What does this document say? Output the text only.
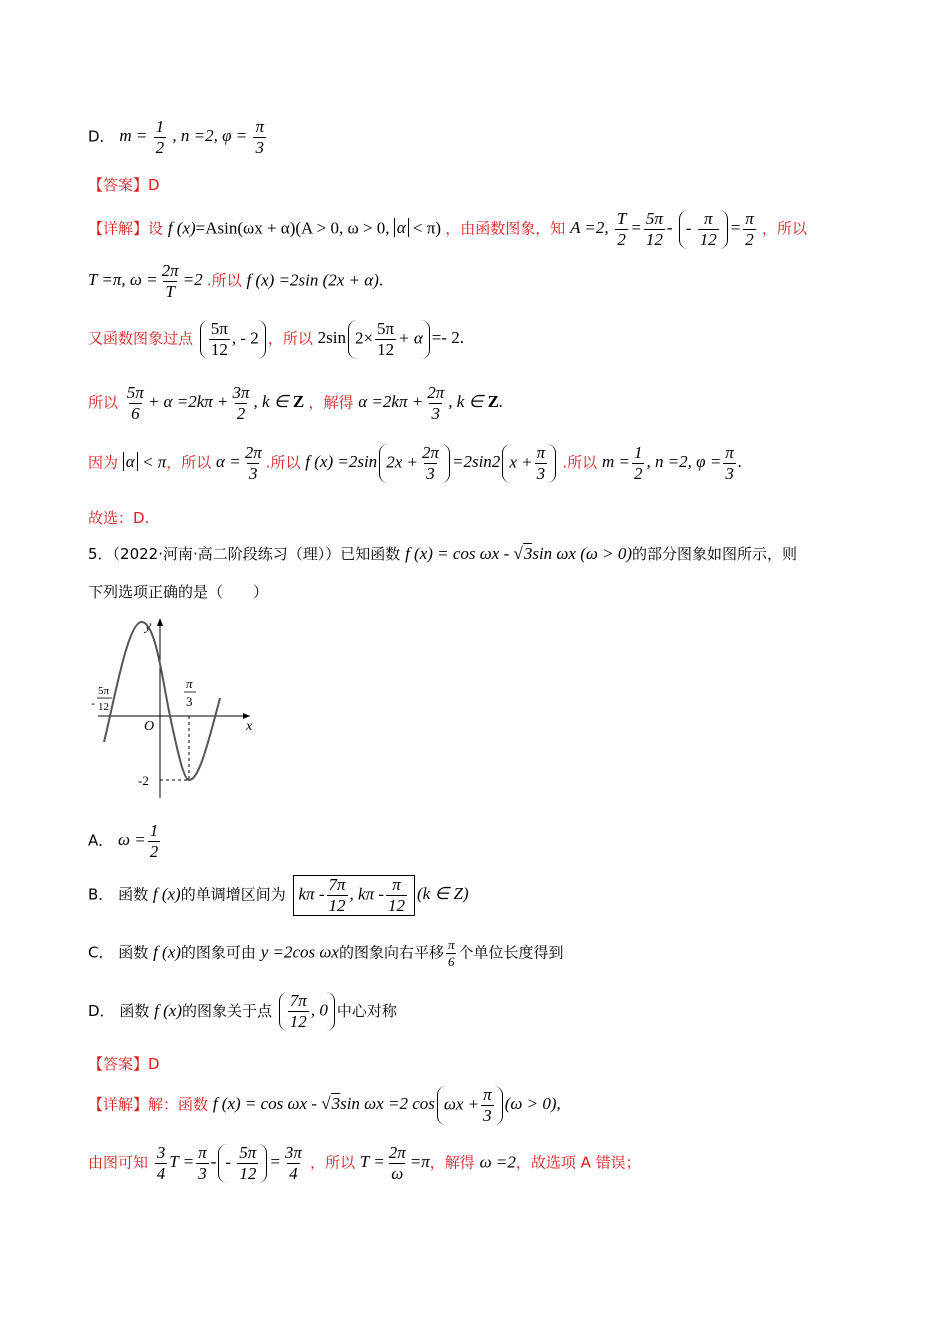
D． $m = \frac{1}{2}$ , n =2, $\varphi = \frac{\pi}{3}$
【答案】D
【详解】设 f (x)=Asin(ωx + α)(A > 0, ω > 0, α < π) ，由函数图象，知 A =2, $\frac{T}{2} = \frac{5\pi}{12}$ - - $\frac{\pi}{12} = \frac{\pi}{2}$ ，所以
T =π, $\omega = \frac{2\pi}{T} =2$ .所以 f (x) =2sin (2x + α).
又函数图象过点 $\frac{5\pi}{12}$ , - 2 ，所以 2sin $2\times \frac{5\pi}{12} + \alpha =- 2$.
所以 $\frac{5\pi}{6} + \alpha =2k\pi + \frac{3\pi}{2}$ , k ∈ Z ，解得 $\alpha =2k\pi + \frac{2\pi}{3}$ , k ∈ Z.
因为 α < π，所以 $\alpha = \frac{2\pi}{3}$ .所以 f (x) =2sin $2x + \frac{2\pi}{3} =2\sin 2$ $x + \frac{\pi}{3}$ .所以 $m = \frac{1}{2}$ , n =2, $\varphi = \frac{\pi}{3}$ .
故选：D.
5．（2022·河南·高二阶段练习（理））已知函数 f (x) = cos ωx - √3sin ωx (ω > 0)的部分图象如图所示，则
下列选项正确的是（　　）
y
x
O
-
5π
12
π
3
-2
A． $\omega = \frac{1}{2}$
B． 函数 f (x)的单调增区间为 kπ - $\frac{7\pi}{12}$ , kπ - $\frac{\pi}{12} (k$ ∈ Z)
C． 函数 f (x)的图象可由 y =2cos ωx的图象向右平移 $\frac{\pi}{6}$ 个单位长度得到
D． 函数 f (x)的图象关于点 $\frac{7\pi}{12}$ , 0 中心对称
【答案】D
【详解】解：函数 f (x) = cos ωx - √3sin ωx =2 $\cos \omega x + \frac{\pi}{3} (\omega > 0)$,
由图可知 $\frac{3}{4}$ $T = \frac{\pi}{3}$ - - $\frac{5\pi}{12} = \frac{3\pi}{4}$ ，所以 $T = \frac{2\pi}{\omega} =\pi$，解得 ω =2，故选项 A 错误；
